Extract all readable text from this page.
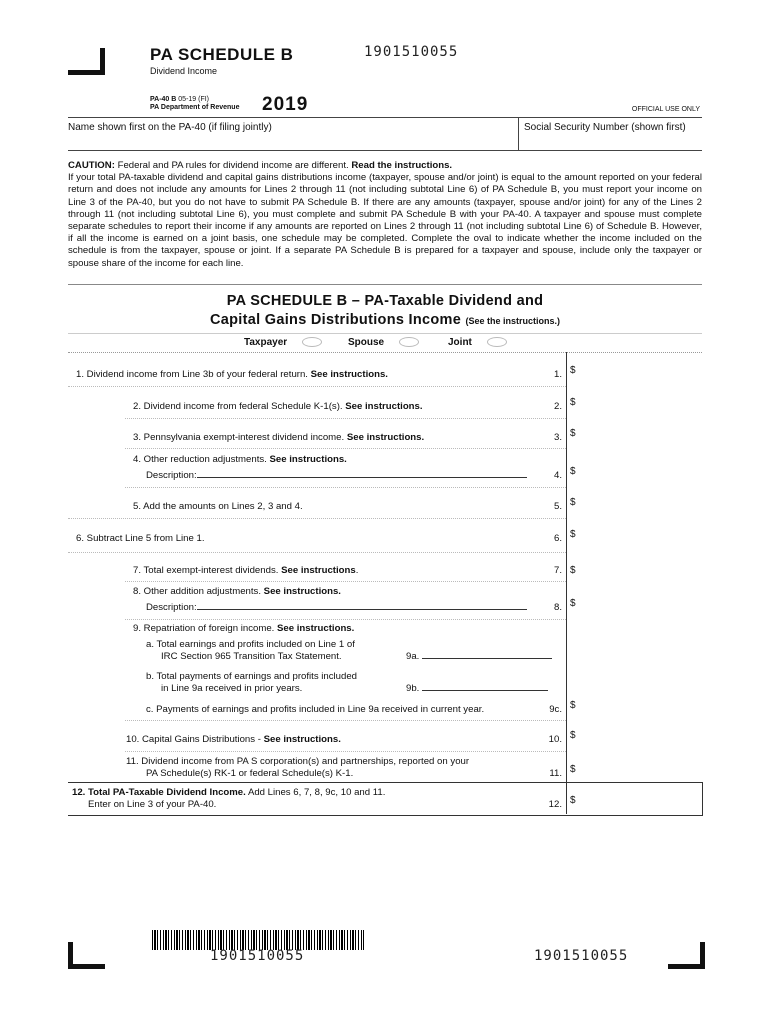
PA SCHEDULE B
Dividend Income
1901510055
PA-40 B 05-19 (FI)
PA Department of Revenue 2019	OFFICIAL USE ONLY
Name shown first on the PA-40 (if filing jointly)	Social Security Number (shown first)
CAUTION: Federal and PA rules for dividend income are different. Read the instructions.
If your total PA-taxable dividend and capital gains distributions income (taxpayer, spouse and/or joint) is equal to the amount reported on your federal return and does not include any amounts for Lines 2 through 11 (not including subtotal Line 6) of PA Schedule B, you must report your income on Line 3 of the PA-40, but you do not have to submit PA Schedule B. If there are any amounts (taxpayer, spouse and/or joint) for any of the Lines 2 through 11 (not including subtotal Line 6), you must complete and submit PA Schedule B with your PA-40. A taxpayer and spouse must complete separate schedules to report their income if any amounts are reported on Lines 2 through 11 (not including subtotal Line 6) of Schedule B. However, if all the income is earned on a joint basis, one schedule may be completed. Complete the oval to indicate whether the income included on the schedule is from the taxpayer, spouse or joint. If a separate PA Schedule B is prepared for a taxpayer and spouse, include only the taxpayer or spouse share of the income for each line.
PA SCHEDULE B – PA-Taxable Dividend and
Capital Gains Distributions Income (See the instructions.)
Taxpayer	Spouse	Joint
1. Dividend income from Line 3b of your federal return. See instructions.	1. $
2. Dividend income from federal Schedule K-1(s). See instructions.	2. $
3. Pennsylvania exempt-interest dividend income. See instructions.	3. $
4. Other reduction adjustments. See instructions.
Description:	4. $
5. Add the amounts on Lines 2, 3 and 4.	5. $
6. Subtract Line 5 from Line 1.	6. $
7. Total exempt-interest dividends. See instructions.	7. $
8. Other addition adjustments. See instructions.
Description:	8. $
9. Repatriation of foreign income. See instructions.
a. Total earnings and profits included on Line 1 of
IRC Section 965 Transition Tax Statement.	9a.
b. Total payments of earnings and profits included
in Line 9a received in prior years.	9b.
c. Payments of earnings and profits included in Line 9a received in current year.	9c. $
10. Capital Gains Distributions - See instructions.	10. $
11. Dividend income from PA S corporation(s) and partnerships, reported on your
PA Schedule(s) RK-1 or federal Schedule(s) K-1.	11. $
12. Total PA-Taxable Dividend Income. Add Lines 6, 7, 8, 9c, 10 and 11.
Enter on Line 3 of your PA-40.	12. $
1901510055	1901510055
